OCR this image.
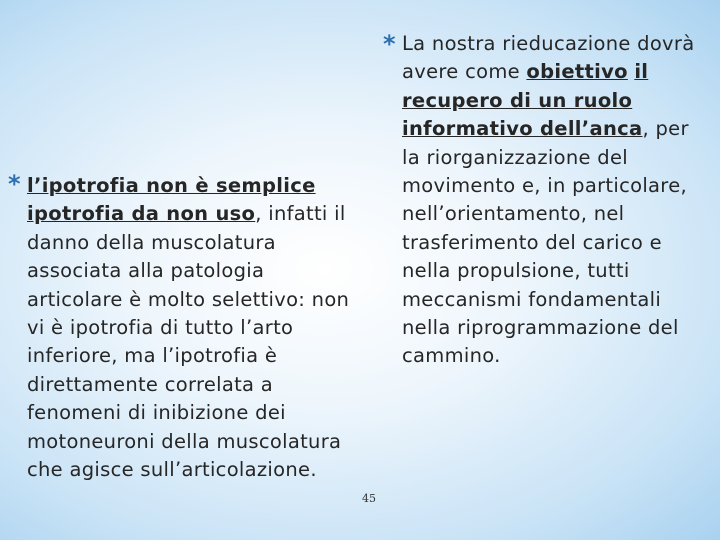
* l’ipotrofia non è semplice ipotrofia da non uso, infatti il danno della muscolatura associata alla patologia articolare è molto selettivo: non vi è ipotrofia di tutto l’arto inferiore, ma l’ipotrofia è direttamente correlata a fenomeni di inibizione dei motoneuroni della muscolatura che agisce sull’articolazione.
* La nostra rieducazione dovrà avere come obiettivo il recupero di un ruolo informativo dell’anca, per la riorganizzazione del movimento e, in particolare, nell’orientamento, nel trasferimento del carico e nella propulsione, tutti meccanismi fondamentali nella riprogrammazione del cammino.
45
